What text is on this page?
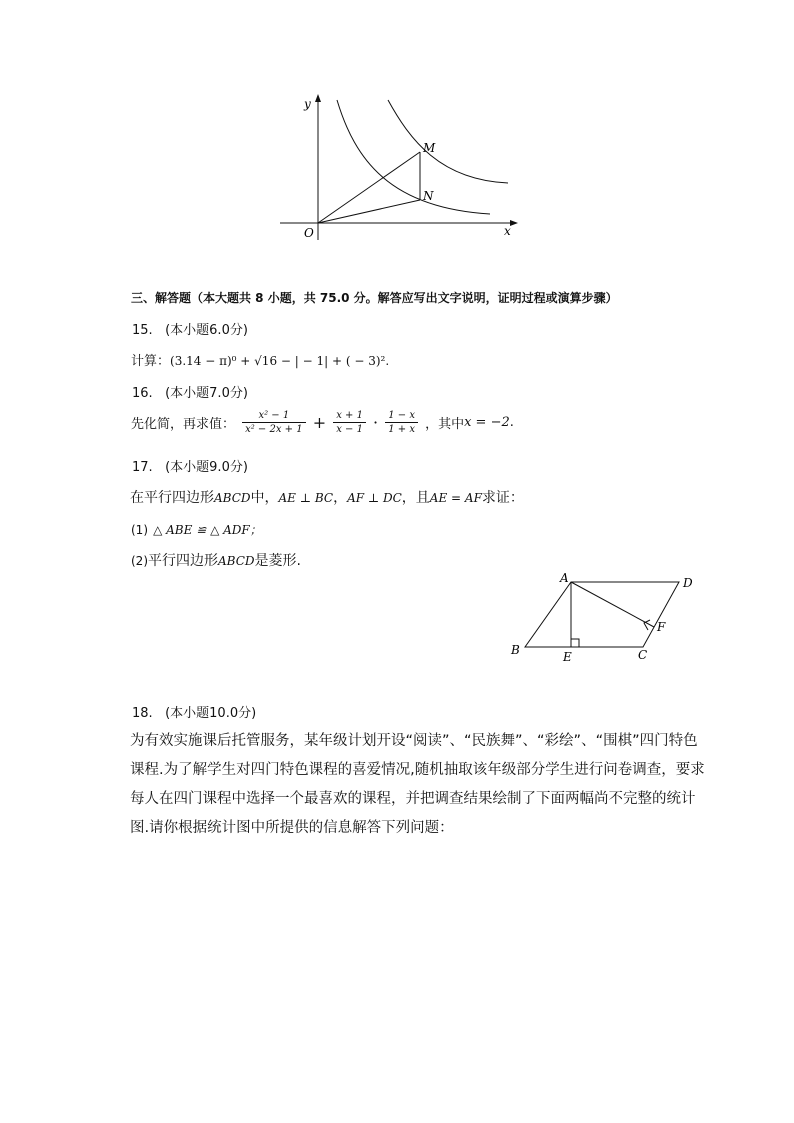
y
x
O
M
N
三、解答题（本大题共 8 小题，共 75.0 分。解答应写出文字说明，证明过程或演算步骤）
15. (本小题6.0分)
计算：(3.14 − π)⁰ + √16 − | − 1| + ( − 3)².
16. (本小题7.0分)
先化简，再求值： $\frac{\text{x² − 1}}{\text{x² − 2x + 1}} + \frac{x + 1}{x - 1} \cdot \frac{1 - x}{1 + x}$ ，其中x = −2.
17. (本小题9.0分)
在平行四边形ABCD中，AE ⊥ BC，AF ⊥ DC，且AE = AF求证：
(1) △ ABE ≌ △ ADF；
(2)平行四边形ABCD是菱形.
A	D
B	E	C
F
18. (本小题10.0分)
为有效实施课后托管服务，某年级计划开设“阅读”、“民族舞”、“彩绘”、“围棋”四门特色课程.为了解学生对四门特色课程的喜爱情况,随机抽取该年级部分学生进行问卷调查，要求每人在四门课程中选择一个最喜欢的课程，并把调查结果绘制了下面两幅尚不完整的统计图.请你根据统计图中所提供的信息解答下列问题：
